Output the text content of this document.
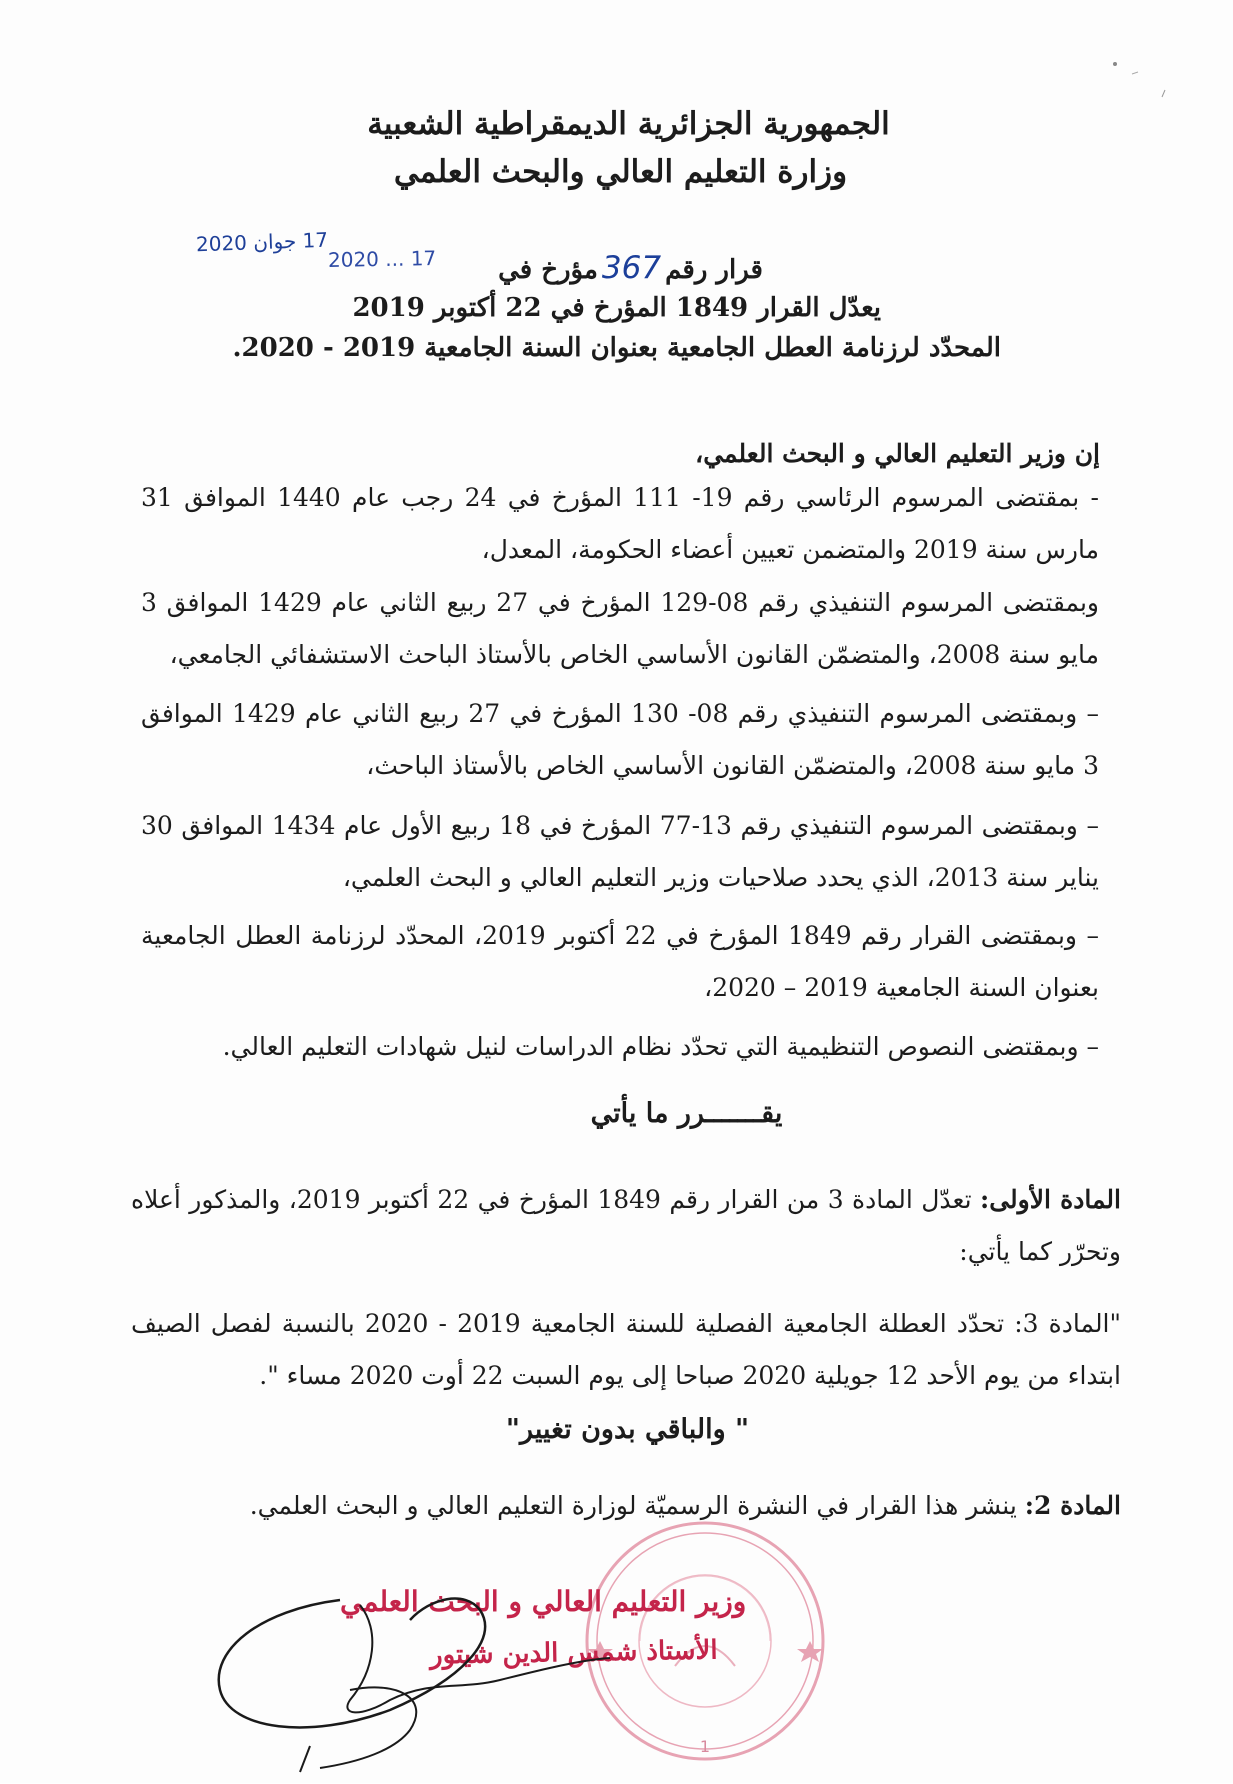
الجمهورية الجزائرية الديمقراطية الشعبية
وزارة التعليم العالي والبحث العلمي
17 جوان 2020
17 ... 2020	قرار رقم367مؤرخ في
يعدّل القرار 1849 المؤرخ في 22 أكتوبر 2019
المحدّد لرزنامة العطل الجامعية بعنوان السنة الجامعية 2019 - 2020.
إن وزير التعليم العالي و البحث العلمي،
- بمقتضى المرسوم الرئاسي رقم 19- 111 المؤرخ في 24 رجب عام 1440 الموافق 31 مارس سنة 2019 والمتضمن تعيين أعضاء الحكومة، المعدل،
وبمقتضى المرسوم التنفيذي رقم 08-129 المؤرخ في 27 ربيع الثاني عام 1429 الموافق 3 مايو سنة 2008، والمتضمّن القانون الأساسي الخاص بالأستاذ الباحث الاستشفائي الجامعي،
– وبمقتضى المرسوم التنفيذي رقم 08- 130 المؤرخ في 27 ربيع الثاني عام 1429 الموافق 3 مايو سنة 2008، والمتضمّن القانون الأساسي الخاص بالأستاذ الباحث،
– وبمقتضى المرسوم التنفيذي رقم 13-77 المؤرخ في 18 ربيع الأول عام 1434 الموافق 30 يناير سنة 2013، الذي يحدد صلاحيات وزير التعليم العالي و البحث العلمي،
– وبمقتضى القرار رقم 1849 المؤرخ في 22 أكتوبر 2019، المحدّد لرزنامة العطل الجامعية بعنوان السنة الجامعية 2019 – 2020،
– وبمقتضى النصوص التنظيمية التي تحدّد نظام الدراسات لنيل شهادات التعليم العالي.
يقـــــــرر ما يأتي
المادة الأولى: تعدّل المادة 3 من القرار رقم 1849 المؤرخ في 22 أكتوبر 2019، والمذكور أعلاه وتحرّر كما يأتي:
"المادة 3: تحدّد العطلة الجامعية الفصلية للسنة الجامعية 2019 - 2020 بالنسبة لفصل الصيف ابتداء من يوم الأحد 12 جويلية 2020 صباحا إلى يوم السبت 22 أوت 2020 مساء ".
" والباقي بدون تغيير"
المادة 2: ينشر هذا القرار في النشرة الرسميّة لوزارة التعليم العالي و البحث العلمي.
1
وزير التعليم العالي و البحث العلمي
الأستاذ شمس الدين شيتور
